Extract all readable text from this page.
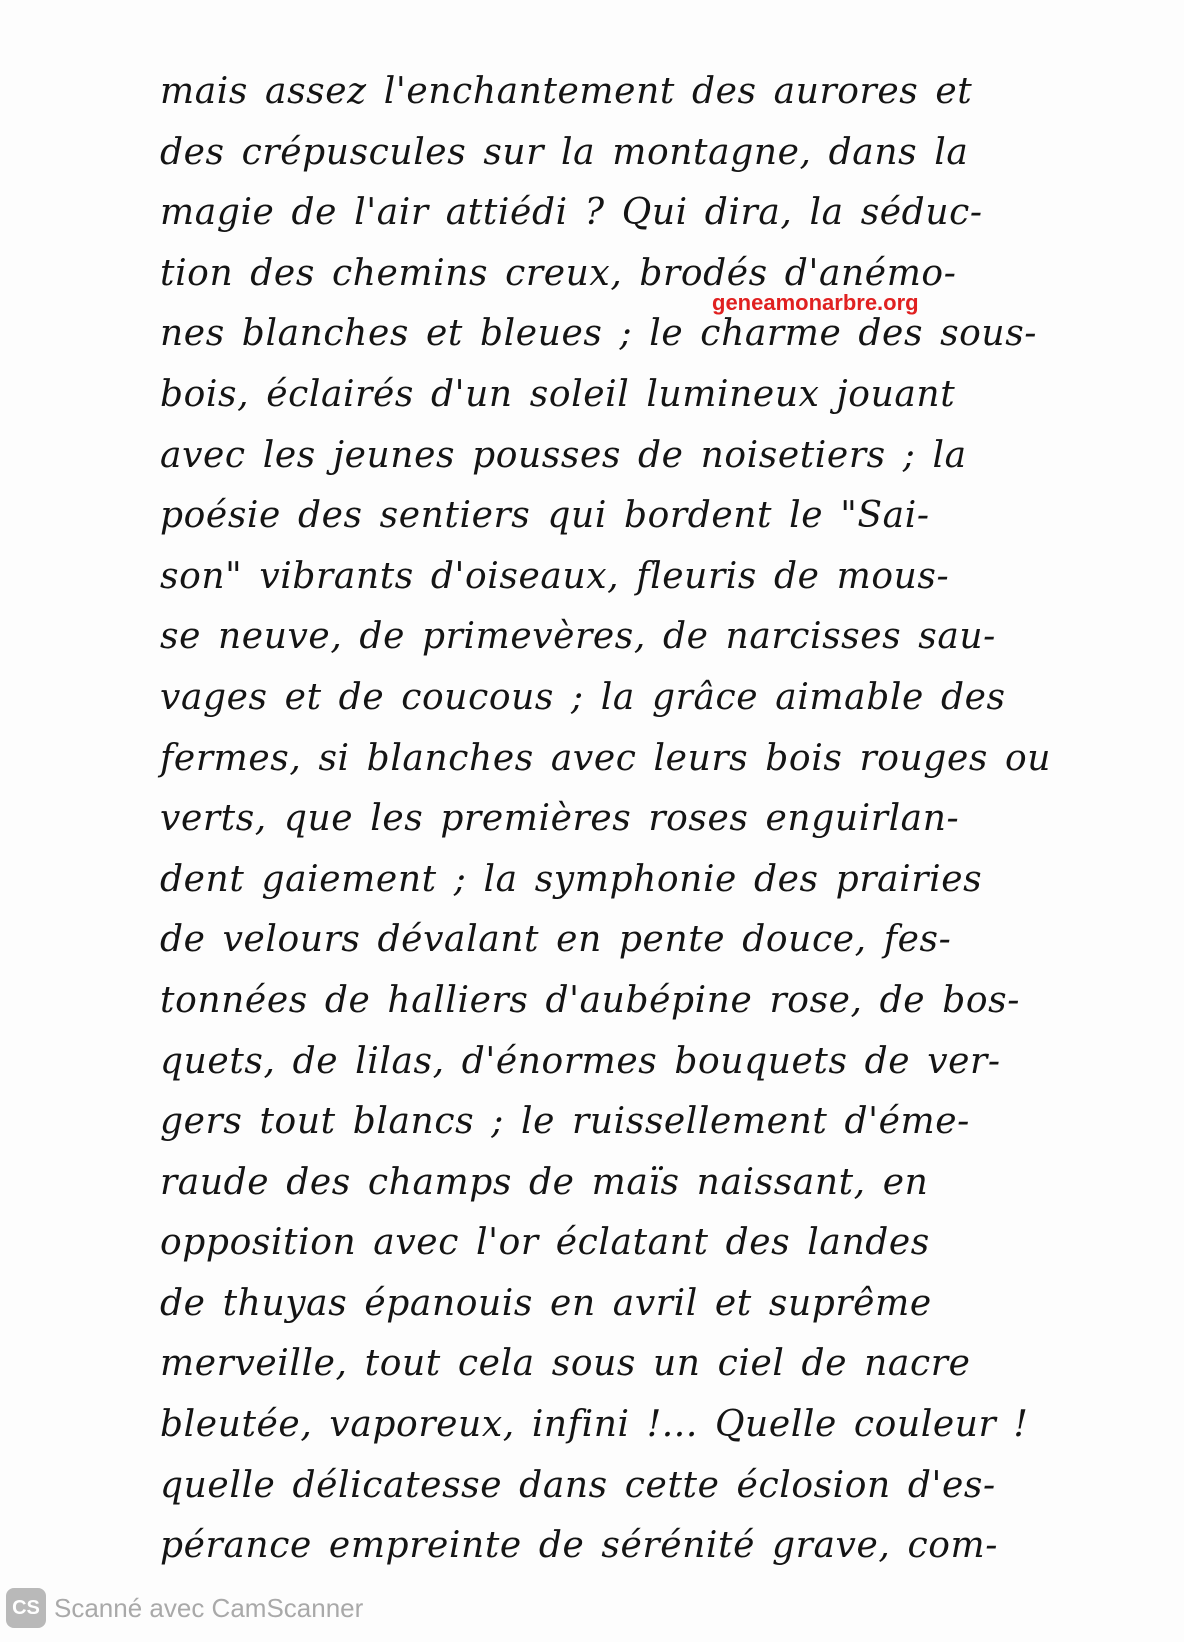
mais assez l'enchantement des aurores et
des crépuscules sur la montagne, dans la
magie de l'air attiédi ? Qui dira, la séduc-
tion des chemins creux, brodés d'anémo-
nes blanches et bleues ; le charme des sous-
bois, éclairés d'un soleil lumineux jouant
avec les jeunes pousses de noisetiers ; la
poésie des sentiers qui bordent le "Sai-
son" vibrants d'oiseaux, fleuris de mous-
se neuve, de primevères, de narcisses sau-
vages et de coucous ; la grâce aimable des
fermes, si blanches avec leurs bois rouges ou
verts, que les premières roses enguirlan-
dent gaiement ; la symphonie des prairies
de velours dévalant en pente douce, fes-
tonnées de halliers d'aubépine rose, de bos-
quets, de lilas, d'énormes bouquets de ver-
gers tout blancs ; le ruissellement d'éme-
raude des champs de maïs naissant, en
opposition avec l'or éclatant des landes
de thuyas épanouis en avril et suprême
merveille, tout cela sous un ciel de nacre
bleutée, vaporeux, infini !... Quelle couleur !
quelle délicatesse dans cette éclosion d'es-
pérance empreinte de sérénité grave, com-
geneamonarbre.org
CS Scanné avec CamScanner
